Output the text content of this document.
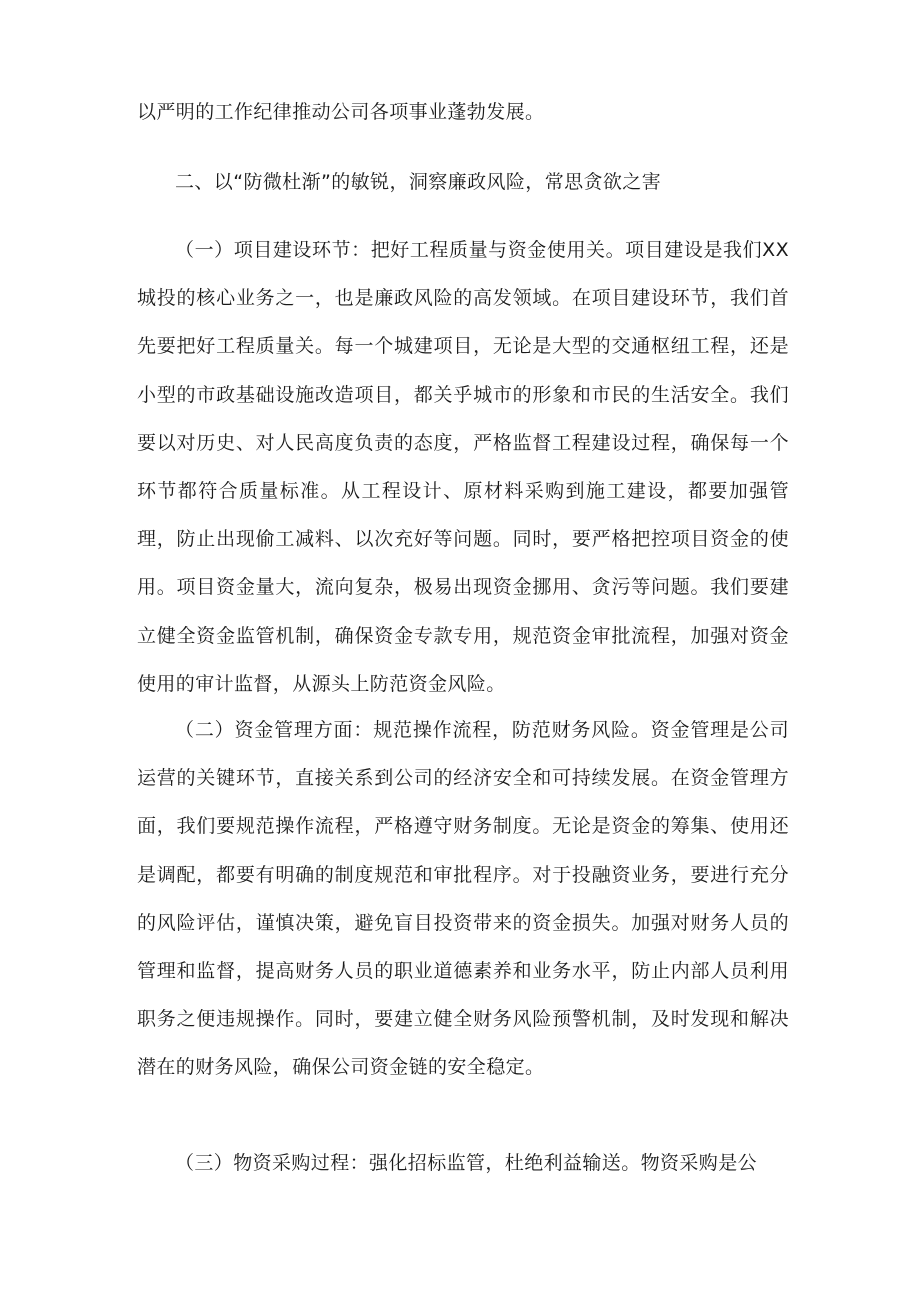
以严明的工作纪律推动公司各项事业蓬勃发展。

二、以“防微杜渐”的敏锐，洞察廉政风险，常思贪欲之害

（一）项目建设环节：把好工程质量与资金使用关。项目建设是我们XX城投的核心业务之一，也是廉政风险的高发领域。在项目建设环节，我们首先要把好工程质量关。每一个城建项目，无论是大型的交通枢纽工程，还是小型的市政基础设施改造项目，都关乎城市的形象和市民的生活安全。我们要以对历史、对人民高度负责的态度，严格监督工程建设过程，确保每一个环节都符合质量标准。从工程设计、原材料采购到施工建设，都要加强管理，防止出现偷工减料、以次充好等问题。同时，要严格把控项目资金的使用。项目资金量大，流向复杂，极易出现资金挪用、贪污等问题。我们要建立健全资金监管机制，确保资金专款专用，规范资金审批流程，加强对资金使用的审计监督，从源头上防范资金风险。

（二）资金管理方面：规范操作流程，防范财务风险。资金管理是公司运营的关键环节，直接关系到公司的经济安全和可持续发展。在资金管理方面，我们要规范操作流程，严格遵守财务制度。无论是资金的筹集、使用还是调配，都要有明确的制度规范和审批程序。对于投融资业务，要进行充分的风险评估，谨慎决策，避免盲目投资带来的资金损失。加强对财务人员的管理和监督，提高财务人员的职业道德素养和业务水平，防止内部人员利用职务之便违规操作。同时，要建立健全财务风险预警机制，及时发现和解决潜在的财务风险，确保公司资金链的安全稳定。

（三）物资采购过程：强化招标监管，杜绝利益输送。物资采购是公
